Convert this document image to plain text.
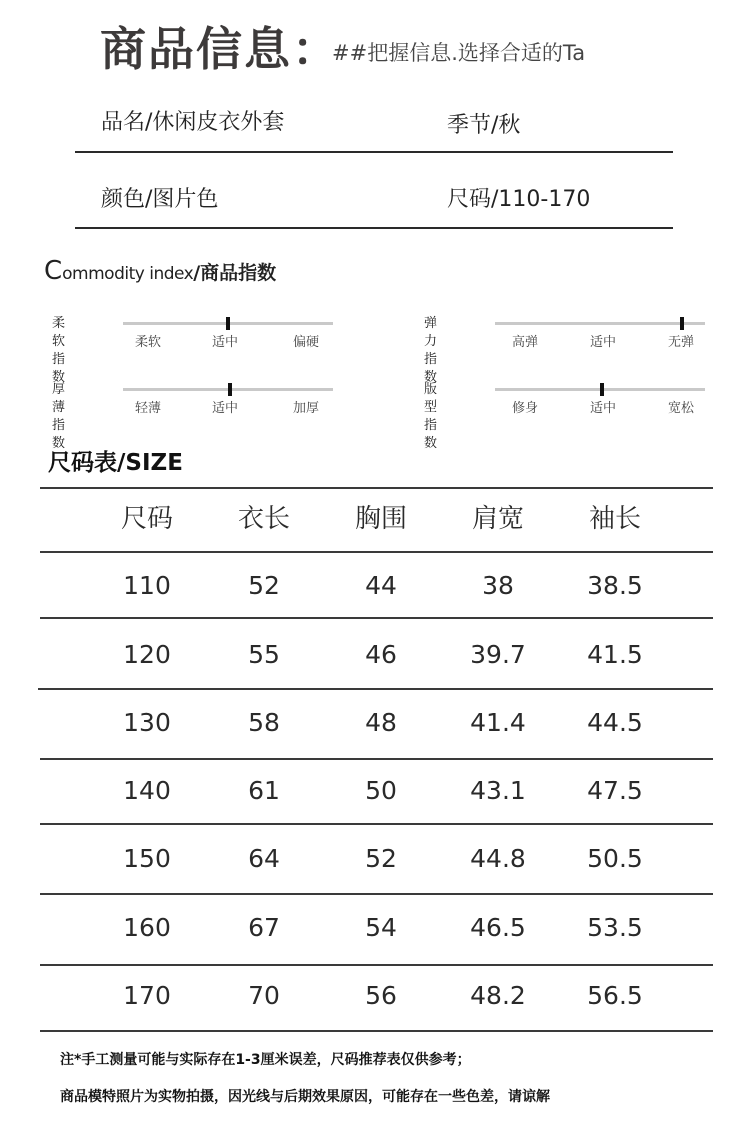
商品信息：
##把握信息.选择合适的Ta
品名/休闲皮衣外套	季节/秋
颜色/图片色	尺码/110-170
Commodity index/商品指数
柔软指数
柔软	适中	偏硬
弹力指数
高弹	适中	无弹
厚薄指数
轻薄	适中	加厚
版型指数
修身	适中	宽松
尺码表/SIZE
尺码	衣长	胸围	肩宽	袖长
110	52	44	38	38.5
120	55	46	39.7	41.5
130	58	48	41.4	44.5
140	61	50	43.1	47.5
150	64	52	44.8	50.5
160	67	54	46.5	53.5
170	70	56	48.2	56.5
注*手工测量可能与实际存在1-3厘米误差，尺码推荐表仅供参考；
商品模特照片为实物拍摄，因光线与后期效果原因，可能存在一些色差，请谅解
